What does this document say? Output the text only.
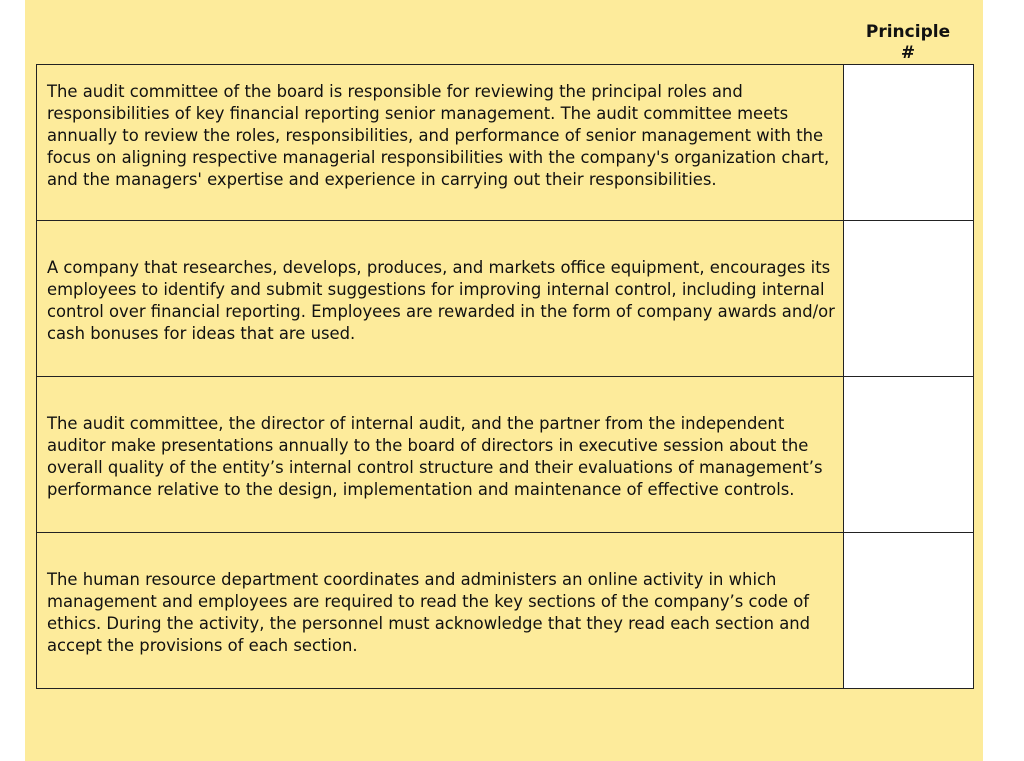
Principle
#
The audit committee of the board is responsible for reviewing the principal roles and responsibilities of key financial reporting senior management. The audit committee meets annually to review the roles, responsibilities, and performance of senior management with the focus on aligning respective managerial responsibilities with the company's organization chart, and the managers' expertise and experience in carrying out their responsibilities.	

A company that researches, develops, produces, and markets office equipment, encourages its employees to identify and submit suggestions for improving internal control, including internal control over financial reporting. Employees are rewarded in the form of company awards and/or cash bonuses for ideas that are used.	

The audit committee, the director of internal audit, and the partner from the independent auditor make presentations annually to the board of directors in executive session about the overall quality of the entity’s internal control structure and their evaluations of management’s performance relative to the design, implementation and maintenance of effective controls.	

The human resource department coordinates and administers an online activity in which management and employees are required to read the key sections of the company’s code of ethics. During the activity, the personnel must acknowledge that they read each section and accept the provisions of each section.	
